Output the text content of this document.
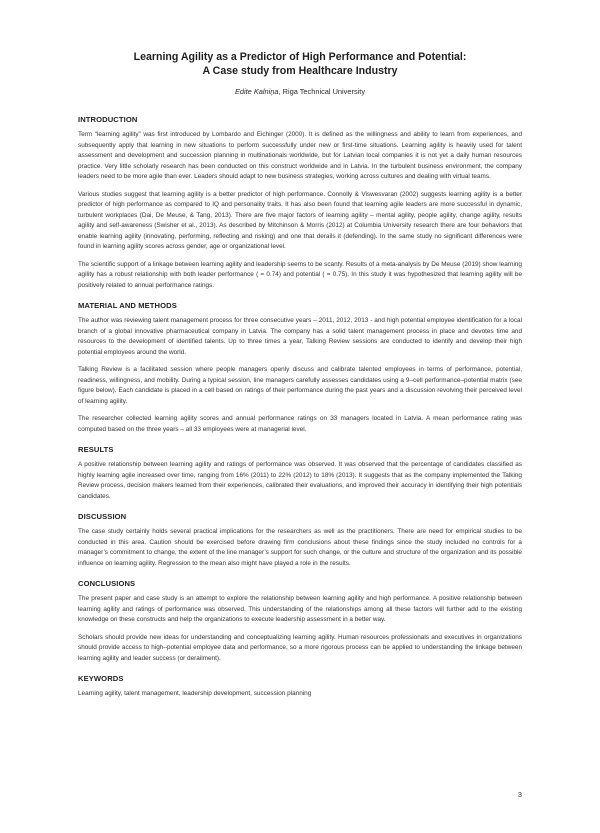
Learning Agility as a Predictor of High Performance and Potential:
A Case study from Healthcare Industry
Edite Kalniņa, Riga Technical University
INTRODUCTION

Term “learning agility” was first introduced by Lombardo and Eichinger (2000). It is defined as the willingness and ability to learn from experiences, and subsequently apply that learning in new situations to perform successfully under new or first-time situations. Learning agility is heavily used for talent assessment and development and succession planning in multinationals worldwide, but for Latvian local companies it is not yet a daily human resources practice. Very little scholarly research has been conducted on this construct worldwide and in Latvia. In the turbulent business environment, the company leaders need to be more agile than ever. Leaders should adapt to new business strategies, working across cultures and dealing with virtual teams.

Various studies suggest that learning agility is a better predictor of high performance. Connolly & Viswesvaran (2002) suggests learning agility is a better predictor of high performance as compared to IQ and personality traits. It has also been found that learning agile leaders are more successful in dynamic, turbulent workplaces (Dai, De Meuse, & Tang, 2013). There are five major factors of learning agility – mental agility, people agility, change agility, results agility and self-awareness (Swisher et al., 2013). As described by Mitchinson & Morris (2012) at Columbia University research there are four behaviors that enable learning agility (innovating, performing, reflecting and risking) and one that derails it (defending). In the same study no significant differences were found in learning agility scores across gender, age or organizational level.

The scientific support of a linkage between learning agility and leadership seems to be scanty. Results of a meta-analysis by De Meuse (2019) show learning agility has a robust relationship with both leader performance ( = 0.74) and potential ( = 0.75). In this study it was hypothesized that learning agility will be positively related to annual performance ratings.

MATERIAL AND METHODS

The author was reviewing talent management process for three consecutive years – 2011, 2012, 2013 - and high potential employee identification for a local branch of a global innovative pharmaceutical company in Latvia. The company has a solid talent management process in place and devotes time and resources to the development of identified talents. Up to three times a year, Talking Review sessions are conducted to identify and develop their high potential employees around the world.

Talking Review is a facilitated session where people managers openly discuss and calibrate talented employees in terms of performance, potential, readiness, willingness, and mobility. During a typical session, line managers carefully assesses candidates using a 9–cell performance–potential matrix (see figure below). Each candidate is placed in a cell based on ratings of their performance during the past years and a discussion revolving their perceived level of learning agility.

The researcher collected learning agility scores and annual performance ratings on 33 managers located in Latvia. A mean performance rating was computed based on the three years – all 33 employees were at managerial level.

RESULTS

A positive relationship between learning agility and ratings of performance was observed. It was observed that the percentage of candidates classified as highly learning agile increased over time, ranging from 16% (2011) to 22% (2012) to 18% (2013). It suggests that as the company implemented the Talking Review process, decision makers learned from their experiences, calibrated their evaluations, and improved their accuracy in identifying their high potentials candidates.

DISCUSSION

The case study certainly holds several practical implications for the researchers as well as the practitioners. There are need for empirical studies to be conducted in this area. Caution should be exercised before drawing firm conclusions about these findings since the study included no controls for a manager’s commitment to change, the extent of the line manager’s support for such change, or the culture and structure of the organization and its possible influence on learning agility. Regression to the mean also might have played a role in the results.

CONCLUSIONS

The present paper and case study is an attempt to explore the relationship between learning agility and high performance. A positive relationship between learning agility and ratings of performance was observed. This understanding of the relationships among all these factors will further add to the existing knowledge on these constructs and help the organizations to execute leadership assessment in a better way.

Scholars should provide new ideas for understanding and conceptualizing learning agility. Human resources professionals and executives in organizations should provide access to high–potential employee data and performance, so a more rigorous process can be applied to understanding the linkage between learning agility and leader success (or derailment).

KEYWORDS

Learning agility, talent management, leadership development, succession planning

3
